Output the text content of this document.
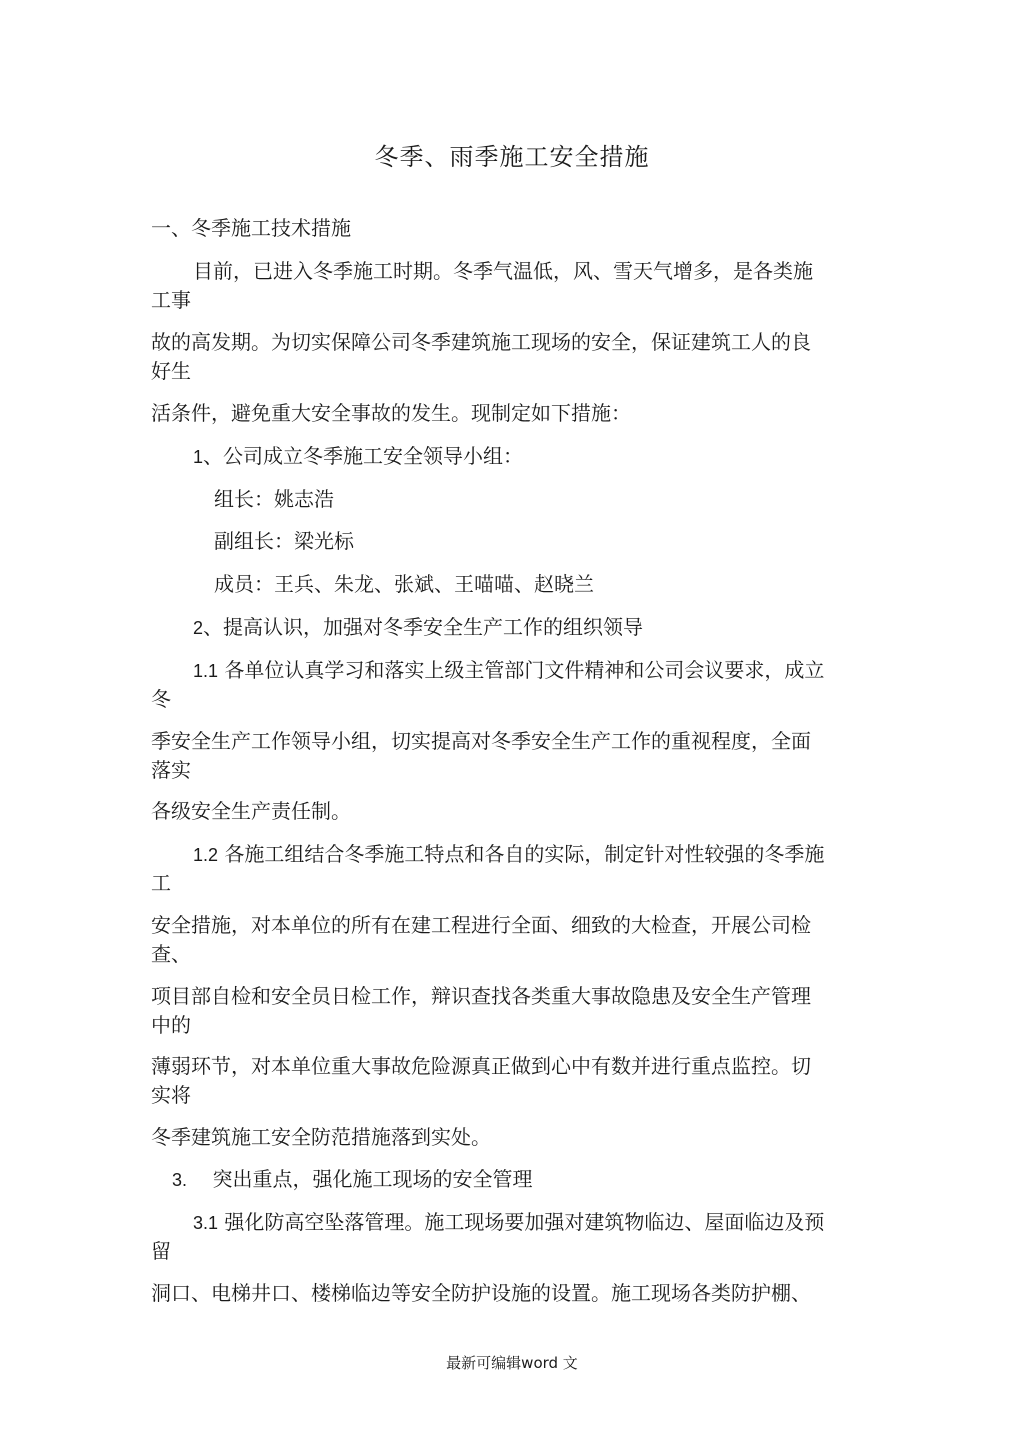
冬季、雨季施工安全措施
一、冬季施工技术措施
目前，已进入冬季施工时期。冬季气温低，风、雪天气增多，是各类施
工事
故的高发期。为切实保障公司冬季建筑施工现场的安全，保证建筑工人的良
好生
活条件，避免重大安全事故的发生。现制定如下措施：
1、公司成立冬季施工安全领导小组：
组长：姚志浩
副组长：梁光标
成员：王兵、朱龙、张斌、王喵喵、赵晓兰
2、提高认识，加强对冬季安全生产工作的组织领导
1.1 各单位认真学习和落实上级主管部门文件精神和公司会议要求，成立
冬
季安全生产工作领导小组，切实提高对冬季安全生产工作的重视程度，全面
落实
各级安全生产责任制。
1.2 各施工组结合冬季施工特点和各自的实际，制定针对性较强的冬季施
工
安全措施，对本单位的所有在建工程进行全面、细致的大检查，开展公司检
查、
项目部自检和安全员日检工作，辩识查找各类重大事故隐患及安全生产管理
中的
薄弱环节，对本单位重大事故危险源真正做到心中有数并进行重点监控。切
实将
冬季建筑施工安全防范措施落到实处。
3. 突出重点，强化施工现场的安全管理
3.1 强化防高空坠落管理。施工现场要加强对建筑物临边、屋面临边及预
留
洞口、电梯井口、楼梯临边等安全防护设施的设置。施工现场各类防护棚、
最新可编辑word 文
